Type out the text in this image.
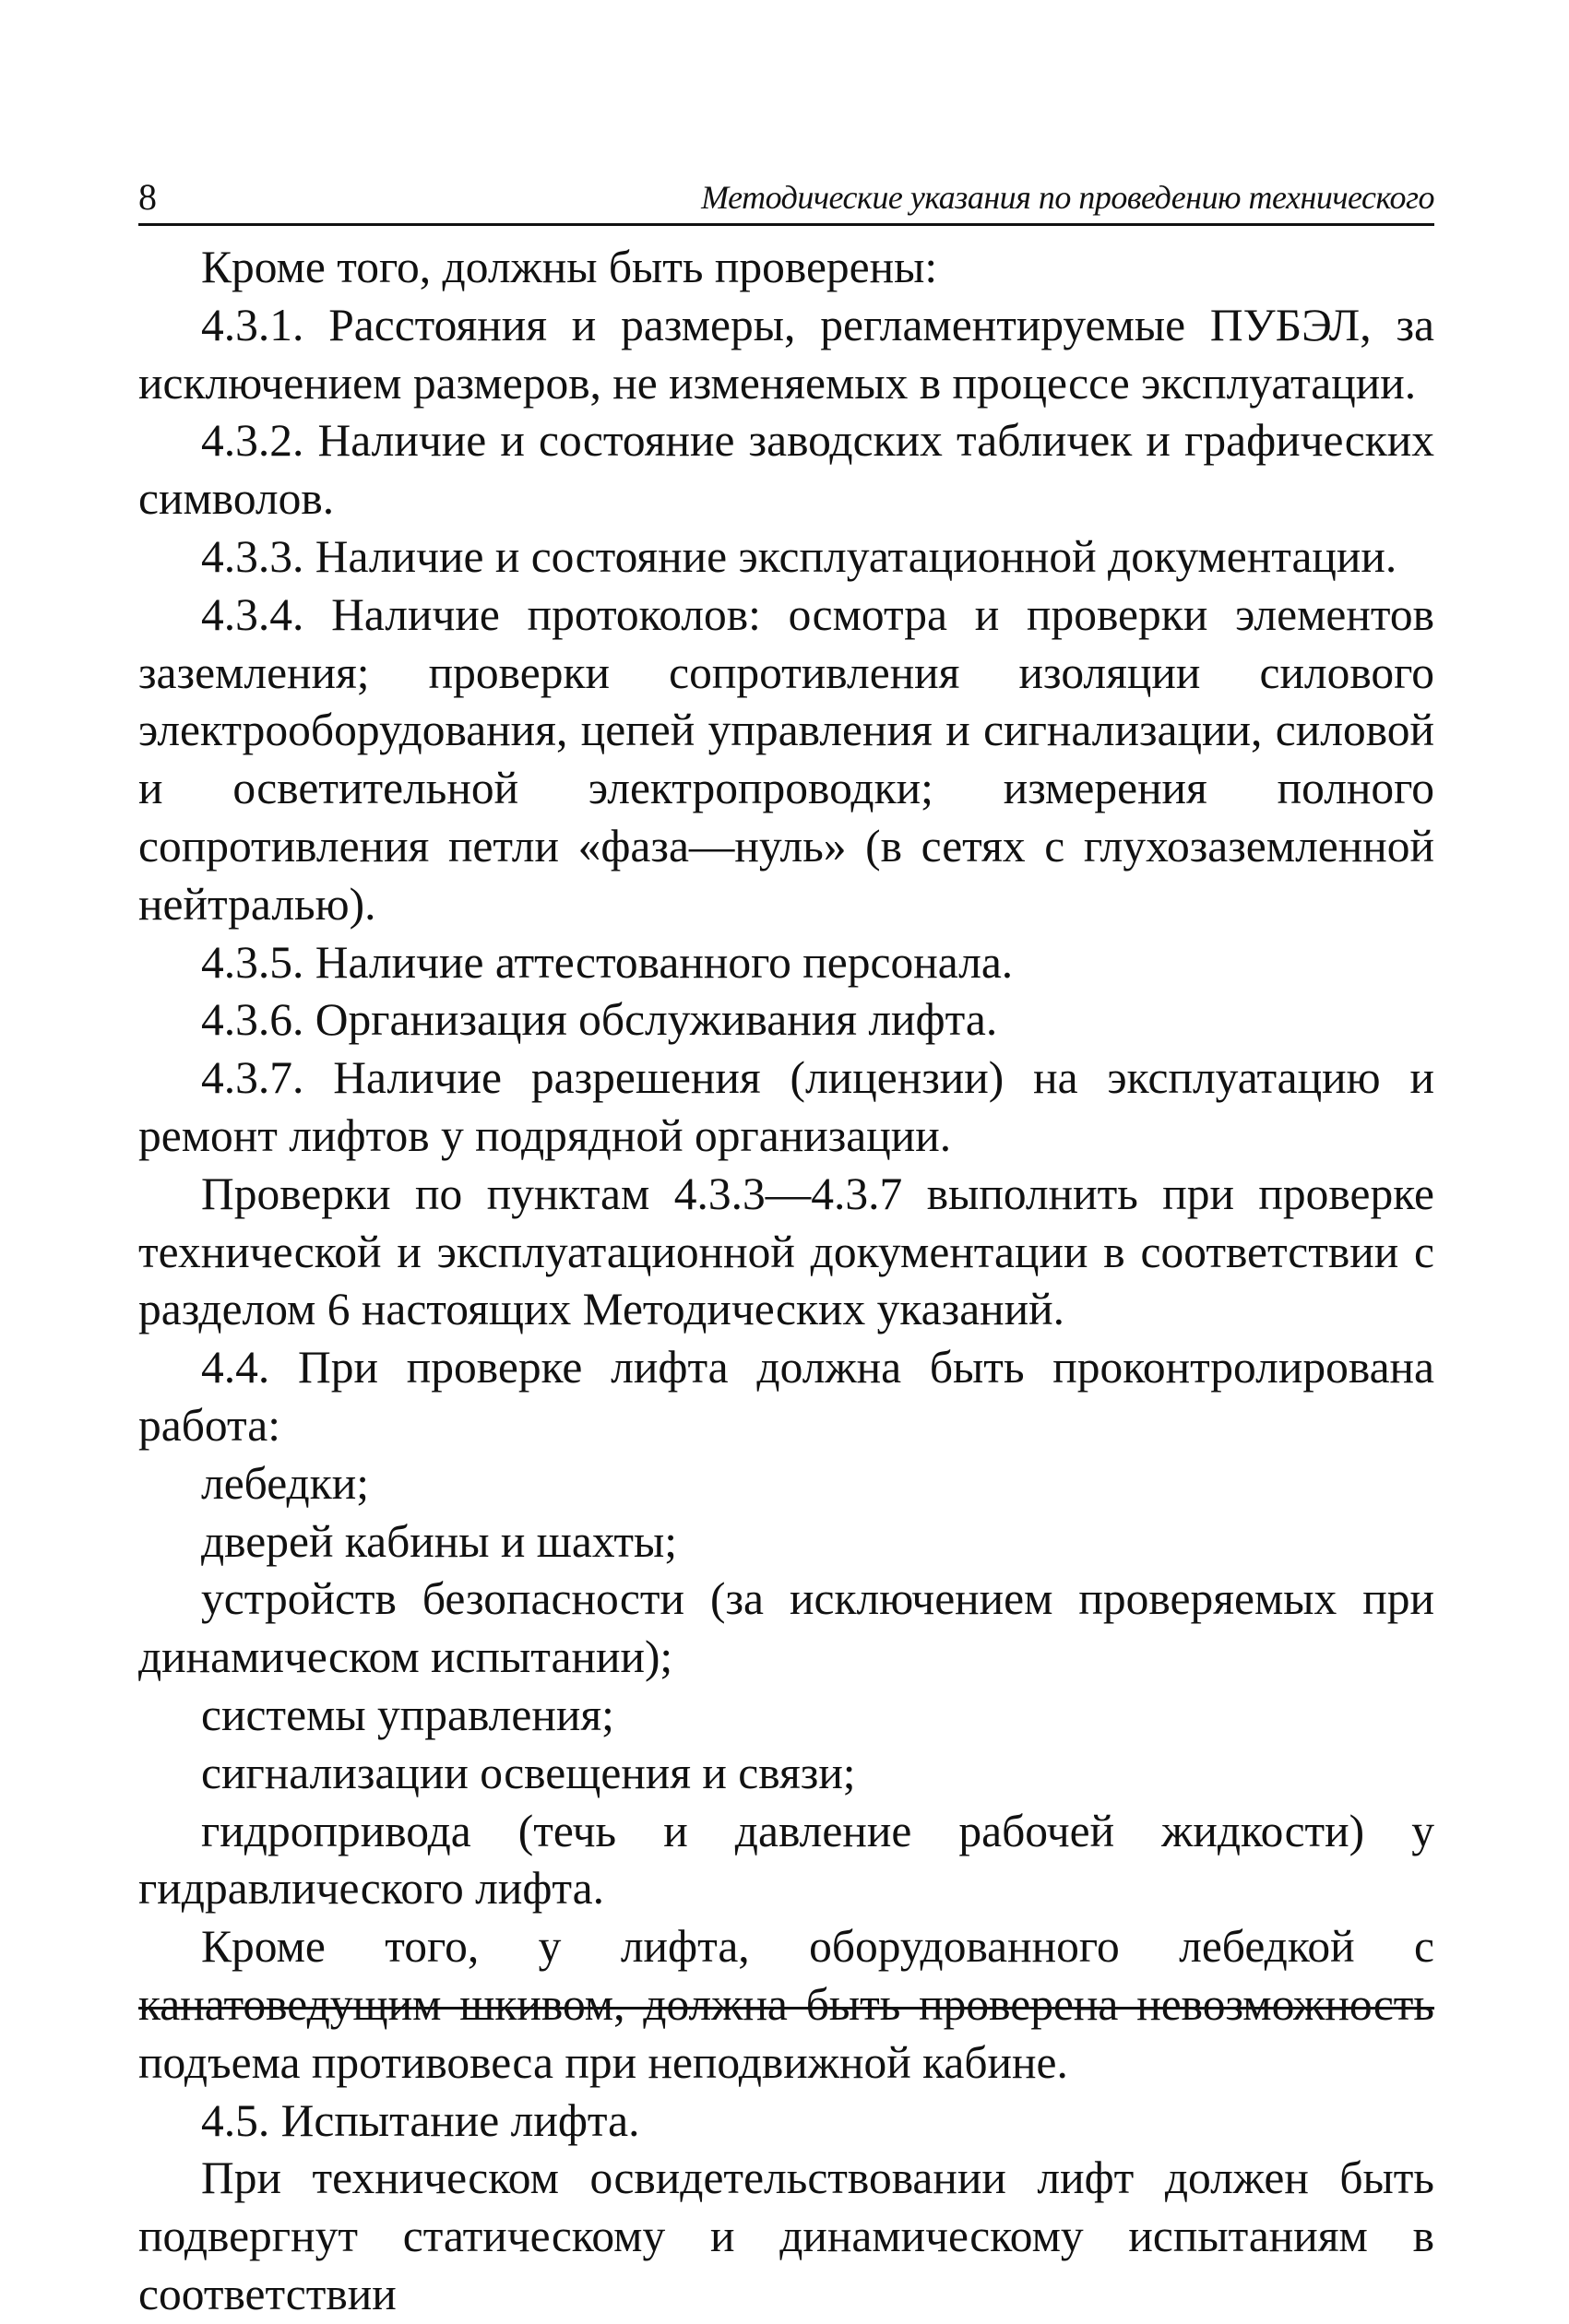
8	Методические указания по проведению технического

Кроме того, должны быть проверены:

4.3.1. Расстояния и размеры, регламентируемые ПУБЭЛ, за исключением размеров, не изменяемых в процессе эксплуатации.

4.3.2. Наличие и состояние заводских табличек и графических символов.

4.3.3. Наличие и состояние эксплуатационной документации.

4.3.4. Наличие протоколов: осмотра и проверки элементов заземления; проверки сопротивления изоляции силового электрооборудования, цепей управления и сигнализации, силовой и осветительной электропроводки; измерения полного сопротивления петли «фаза—нуль» (в сетях с глухозаземленной нейтралью).

4.3.5. Наличие аттестованного персонала.

4.3.6. Организация обслуживания лифта.

4.3.7. Наличие разрешения (лицензии) на эксплуатацию и ремонт лифтов у подрядной организации.

Проверки по пунктам 4.3.3—4.3.7 выполнить при проверке технической и эксплуатационной документации в соответствии с разделом 6 настоящих Методических указаний.

4.4. При проверке лифта должна быть проконтролирована работа:

лебедки;

дверей кабины и шахты;

устройств безопасности (за исключением проверяемых при динамическом испытании);

системы управления;

сигнализации освещения и связи;

гидропривода (течь и давление рабочей жидкости) у гидравлического лифта.

Кроме того, у лифта, оборудованного лебедкой с канатоведущим шкивом, должна быть проверена невозможность подъема противовеса при неподвижной кабине.

4.5. Испытание лифта.

При техническом освидетельствовании лифт должен быть подвергнут статическому и динамическому испытаниям в соответствии
